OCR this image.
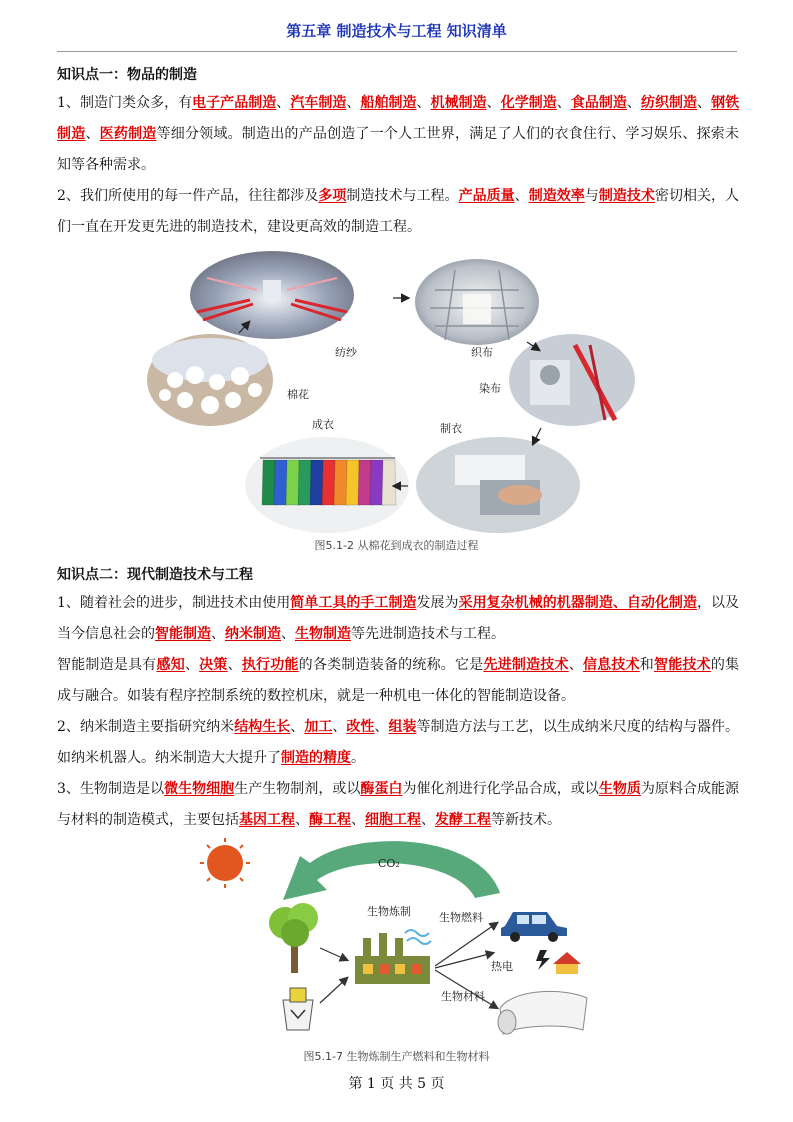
第五章 制造技术与工程 知识清单
知识点一：物品的制造
1、制造门类众多，有电子产品制造、汽车制造、船舶制造、机械制造、化学制造、食品制造、纺织制造、钢铁制造、医药制造等细分领域。制造出的产品创造了一个人工世界，满足了人们的衣食住行、学习娱乐、探索未知等各种需求。
2、我们所使用的每一件产品，往往都涉及多项制造技术与工程。产品质量、制造效率与制造技术密切相关，人们一直在开发更先进的制造技术，建设更高效的制造工程。
纺纱	织布
棉花	染布
成衣	制衣
图5.1-2 从棉花到成衣的制造过程
知识点二：现代制造技术与工程
1、随着社会的进步，制进技术由使用简单工具的手工制造发展为采用复杂机械的机器制造、自动化制造，以及当今信息社会的智能制造、纳米制造、生物制造等先进制造技术与工程。
智能制造是具有感知、决策、执行功能的各类制造装备的统称。它是先进制造技术、信息技术和智能技术的集成与融合。如装有程序控制系统的数控机床，就是一种机电一体化的智能制造设备。
2、纳米制造主要指研究纳米结构生长、加工、改性、组装等制造方法与工艺，以生成纳米尺度的结构与器件。如纳米机器人。纳米制造大大提升了制造的精度。
3、生物制造是以微生物细胞生产生物制剂，或以酶蛋白为催化剂进行化学品合成，或以生物质为原料合成能源与材料的制造模式，主要包括基因工程、酶工程、细胞工程、发酵工程等新技术。
CO₂
生物炼制	生物燃料
热电
生物材料
图5.1-7 生物炼制生产燃料和生物材料
第 1 页 共 5 页
